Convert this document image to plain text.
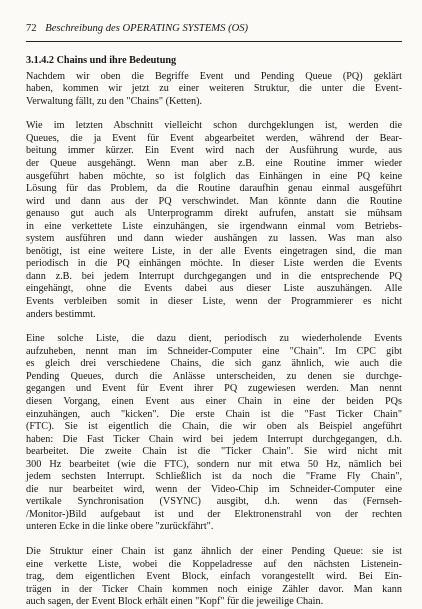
72 Beschreibung des OPERATING SYSTEMS (OS)
3.1.4.2 Chains und ihre Bedeutung
Nachdem wir oben die Begriffe Event und Pending Queue (PQ) geklärt
haben, kommen wir jetzt zu einer weiteren Struktur, die unter die Event-
Verwaltung fällt, zu den "Chains" (Ketten).
Wie im letzten Abschnitt vielleicht schon durchgeklungen ist, werden die
Queues, die ja Event für Event abgearbeitet werden, während der Bear-
beitung immer kürzer. Ein Event wird nach der Ausführung wurde, aus
der Queue ausgehängt. Wenn man aber z.B. eine Routine immer wieder
ausgeführt haben möchte, so ist folglich das Einhängen in eine PQ keine
Lösung für das Problem, da die Routine daraufhin genau einmal ausgeführt
wird und dann aus der PQ verschwindet. Man könnte dann die Routine
genauso gut auch als Unterprogramm direkt aufrufen, anstatt sie mühsam
in eine verkettete Liste einzuhängen, sie irgendwann einmal vom Betriebs-
system ausführen und dann wieder aushängen zu lassen. Was man also
benötigt, ist eine weitere Liste, in der alle Events eingetragen sind, die man
periodisch in die PQ einhängen möchte. In dieser Liste werden die Events
dann z.B. bei jedem Interrupt durchgegangen und in die entsprechende PQ
eingehängt, ohne die Events dabei aus dieser Liste auszuhängen. Alle
Events verbleiben somit in dieser Liste, wenn der Programmierer es nicht
anders bestimmt.
Eine solche Liste, die dazu dient, periodisch zu wiederholende Events
aufzuheben, nennt man im Schneider-Computer eine "Chain". Im CPC gibt
es gleich drei verschiedene Chains, die sich ganz ähnlich, wie auch die
Pending Queues, durch die Anlässe unterscheiden, zu denen sie durchge-
gegangen und Event für Event ihrer PQ zugewiesen werden. Man nennt
diesen Vorgang, einen Event aus einer Chain in eine der beiden PQs
einzuhängen, auch "kicken". Die erste Chain ist die "Fast Ticker Chain"
(FTC). Sie ist eigentlich die Chain, die wir oben als Beispiel angeführt
haben: Die Fast Ticker Chain wird bei jedem Interrupt durchgegangen, d.h.
bearbeitet. Die zweite Chain ist die "Ticker Chain". Sie wird nicht mit
300 Hz bearbeitet (wie die FTC), sondern nur mit etwa 50 Hz, nämlich bei
jedem sechsten Interrupt. Schließlich ist da noch die "Frame Fly Chain",
die nur bearbeitet wird, wenn der Video-Chip im Schneider-Computer eine
vertikale Synchronisation (VSYNC) ausgibt, d.h. wenn das (Fernseh-
/Monitor-)Bild aufgebaut ist und der Elektronenstrahl von der rechten
unteren Ecke in die linke obere "zurückfährt".
Die Struktur einer Chain ist ganz ähnlich der einer Pending Queue: sie ist
eine verkette Liste, wobei die Koppeladresse auf den nächsten Listenein-
trag, dem eigentlichen Event Block, einfach vorangestellt wird. Bei Ein-
trägen in der Ticker Chain kommen noch einige Zähler davor. Man kann
auch sagen, der Event Block erhält einen "Kopf" für die jeweilige Chain.
